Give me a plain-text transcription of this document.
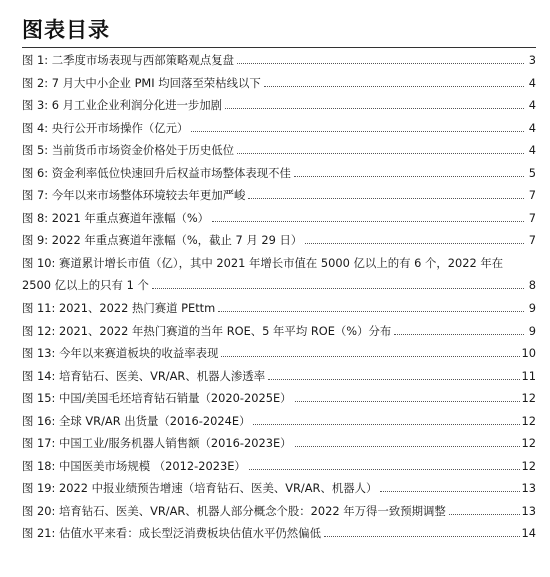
图表目录
图 1: 二季度市场表现与西部策略观点复盘	3
图 2: 7 月大中小企业 PMI 均回落至荣枯线以下	4
图 3: 6 月工业企业利润分化进一步加剧	4
图 4: 央行公开市场操作（亿元）	4
图 5: 当前货币市场资金价格处于历史低位	4
图 6: 资金利率低位快速回升后权益市场整体表现不佳	5
图 7: 今年以来市场整体环境较去年更加严峻	7
图 8: 2021 年重点赛道年涨幅（%）	7
图 9: 2022 年重点赛道年涨幅（%，截止 7 月 29 日）	7
图 10: 赛道累计增长市值（亿），其中 2021 年增长市值在 5000 亿以上的有 6 个，2022 年在
2500 亿以上的只有 1 个	8
图 11: 2021、2022 热门赛道 PEttm	9
图 12: 2021、2022 年热门赛道的当年 ROE、5 年平均 ROE（%）分布	9
图 13: 今年以来赛道板块的收益率表现	10
图 14: 培育钻石、医美、VR/AR、机器人渗透率	11
图 15: 中国/美国毛坯培育钻石销量（2020-2025E）	12
图 16: 全球 VR/AR 出货量（2016-2024E）	12
图 17: 中国工业/服务机器人销售额（2016-2023E）	12
图 18: 中国医美市场规模 （2012-2023E）	12
图 19: 2022 中报业绩预告增速（培育钻石、医美、VR/AR、机器人）	13
图 20: 培育钻石、医美、VR/AR、机器人部分概念个股：2022 年万得一致预期调整	13
图 21: 估值水平来看：成长型泛消费板块估值水平仍然偏低	14
